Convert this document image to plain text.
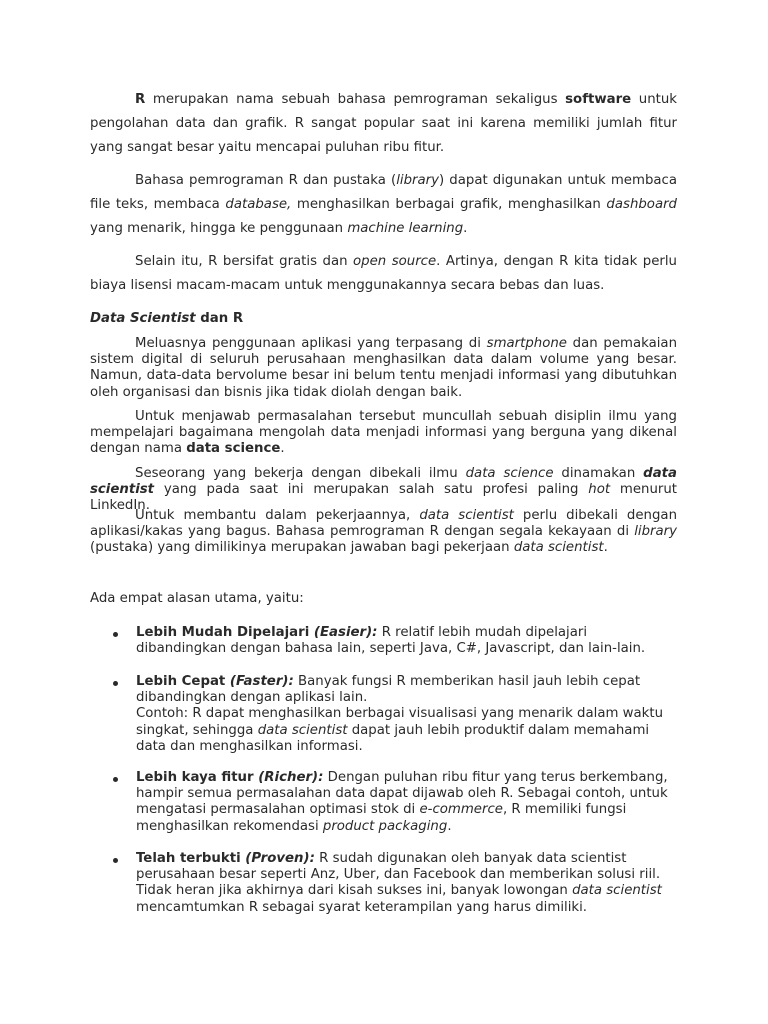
R merupakan nama sebuah bahasa pemrograman sekaligus software untuk pengolahan data dan grafik. R sangat popular saat ini karena memiliki jumlah fitur yang sangat besar yaitu mencapai puluhan ribu fitur.

Bahasa pemrograman R dan pustaka (library) dapat digunakan untuk membaca file teks, membaca database, menghasilkan berbagai grafik, menghasilkan dashboard yang menarik, hingga ke penggunaan machine learning.

Selain itu, R bersifat gratis dan open source. Artinya, dengan R kita tidak perlu biaya lisensi macam-macam untuk menggunakannya secara bebas dan luas.

Data Scientist dan R

Meluasnya penggunaan aplikasi yang terpasang di smartphone dan pemakaian sistem digital di seluruh perusahaan menghasilkan data dalam volume yang besar. Namun, data-data bervolume besar ini belum tentu menjadi informasi yang dibutuhkan oleh organisasi dan bisnis jika tidak diolah dengan baik.

Untuk menjawab permasalahan tersebut muncullah sebuah disiplin ilmu yang mempelajari bagaimana mengolah data menjadi informasi yang berguna yang dikenal dengan nama data science.

Seseorang yang bekerja dengan dibekali ilmu data science dinamakan data scientist yang pada saat ini merupakan salah satu profesi paling hot menurut LinkedIn.

Untuk membantu dalam pekerjaannya, data scientist perlu dibekali dengan aplikasi/kakas yang bagus. Bahasa pemrograman R dengan segala kekayaan di library (pustaka) yang dimilikinya merupakan jawaban bagi pekerjaan data scientist.

Ada empat alasan utama, yaitu:

Lebih Mudah Dipelajari (Easier): R relatif lebih mudah dipelajari dibandingkan dengan bahasa lain, seperti Java, C#, Javascript, dan lain-lain.

Lebih Cepat (Faster): Banyak fungsi R memberikan hasil jauh lebih cepat dibandingkan dengan aplikasi lain.
Contoh: R dapat menghasilkan berbagai visualisasi yang menarik dalam waktu singkat, sehingga data scientist dapat jauh lebih produktif dalam memahami data dan menghasilkan informasi.

Lebih kaya fitur (Richer): Dengan puluhan ribu fitur yang terus berkembang, hampir semua permasalahan data dapat dijawab oleh R. Sebagai contoh, untuk mengatasi permasalahan optimasi stok di e-commerce, R memiliki fungsi menghasilkan rekomendasi product packaging.

Telah terbukti (Proven): R sudah digunakan oleh banyak data scientist perusahaan besar seperti Anz, Uber, dan Facebook dan memberikan solusi riil. Tidak heran jika akhirnya dari kisah sukses ini, banyak lowongan data scientist mencamtumkan R sebagai syarat keterampilan yang harus dimiliki.
